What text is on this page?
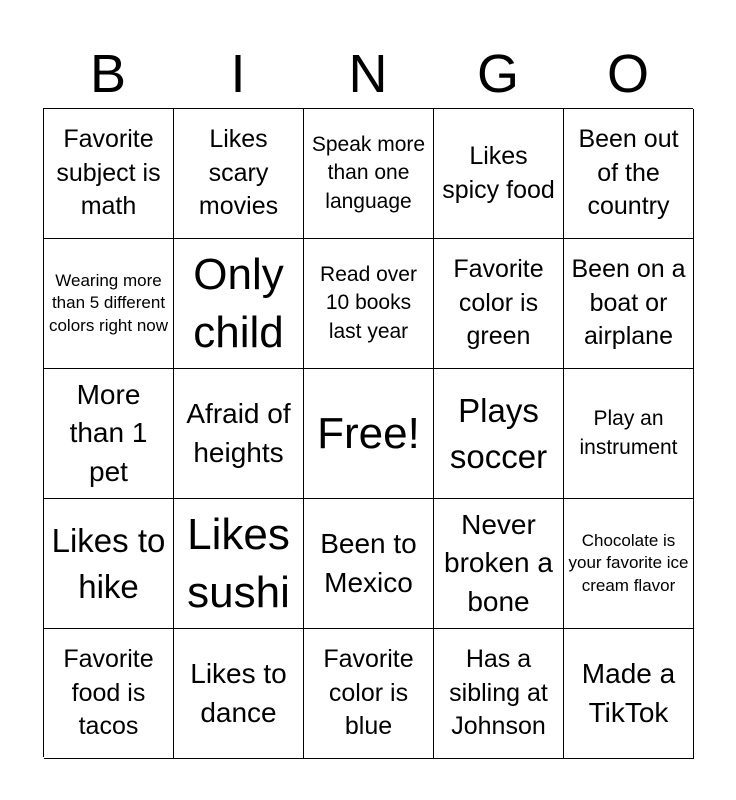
B	I	N	G	O
Favorite subject is math
Likes scary movies
Speak more than one language
Likes spicy food
Been out of the country
Wearing more than 5 different colors right now
Only child
Read over 10 books last year
Favorite color is green
Been on a boat or airplane
More than 1 pet
Afraid of heights Free!	Plays soccer
Play an instrument
Likes to hike
Likes sushi
Been to Mexico
Never broken a bone
Chocolate is your favorite ice cream flavor
Favorite food is tacos
Likes to dance
Favorite color is blue
Has a sibling at Johnson
Made a TikTok
